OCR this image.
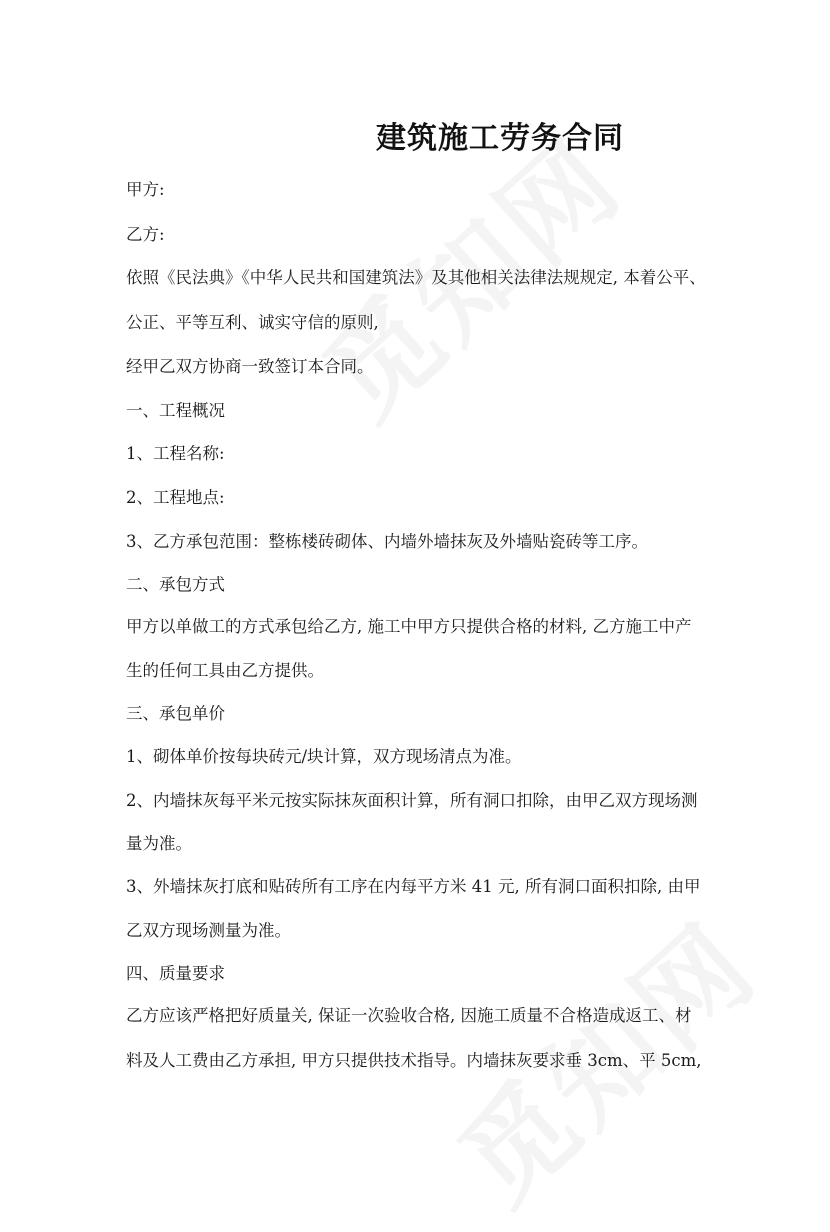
建筑施工劳务合同

甲方:

乙方:

依照《民法典》《中华人民共和国建筑法》及其他相关法律法规规定, 本着公平、

公正、平等互利、诚实守信的原则,

经甲乙双方协商一致签订本合同。

一、工程概况

1、工程名称:

2、工程地点:

3、乙方承包范围：整栋楼砖砌体、内墙外墙抹灰及外墙贴瓷砖等工序。

二、承包方式

甲方以单做工的方式承包给乙方, 施工中甲方只提供合格的材料, 乙方施工中产

生的任何工具由乙方提供。

三、承包单价

1、砌体单价按每块砖元/块计算，双方现场清点为准。

2、内墙抹灰每平米元按实际抹灰面积计算，所有洞口扣除，由甲乙双方现场测

量为准。

3、外墙抹灰打底和贴砖所有工序在内每平方米 41 元, 所有洞口面积扣除, 由甲

乙双方现场测量为准。

四、质量要求

乙方应该严格把好质量关, 保证一次验收合格, 因施工质量不合格造成返工、材

料及人工费由乙方承担, 甲方只提供技术指导。内墙抹灰要求垂 3cm、平 5cm,
